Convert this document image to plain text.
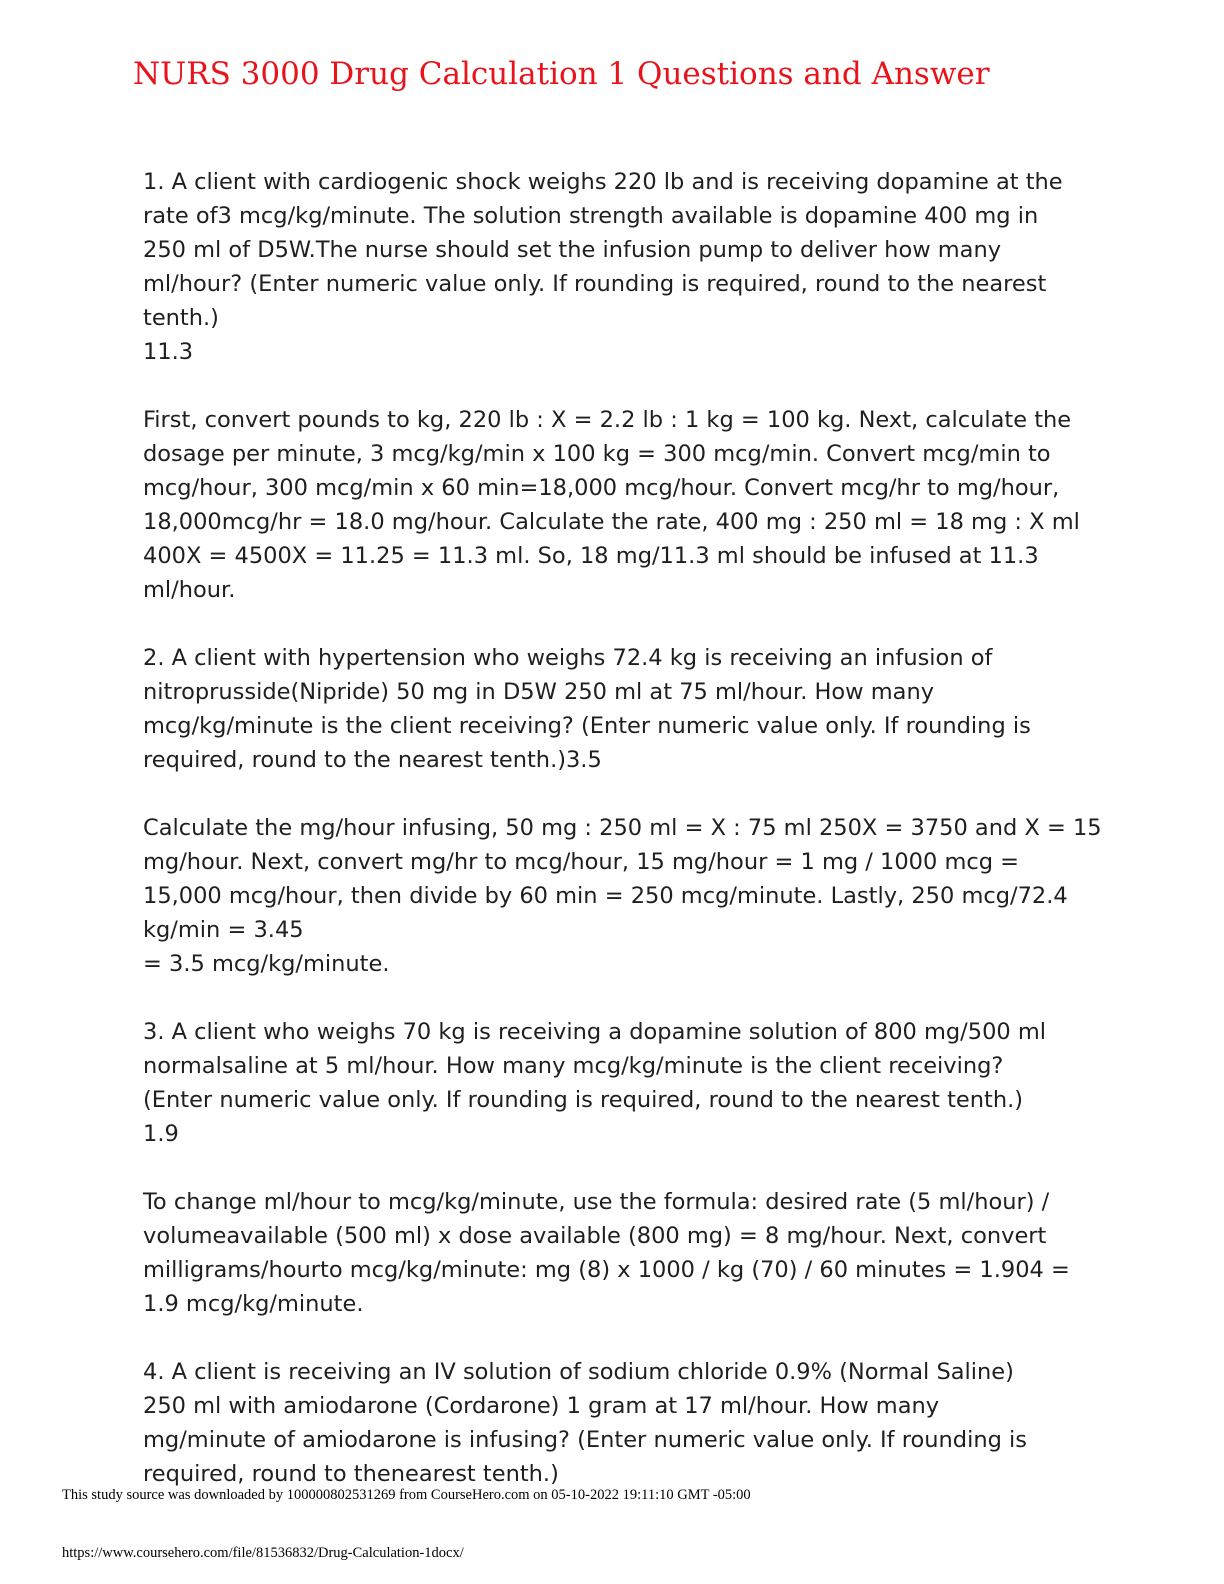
NURS 3000 Drug Calculation 1 Questions and Answer
1. A client with cardiogenic shock weighs 220 lb and is receiving dopamine at the
rate of3 mcg/kg/minute. The solution strength available is dopamine 400 mg in
250 ml of D5W.The nurse should set the infusion pump to deliver how many
ml/hour? (Enter numeric value only. If rounding is required, round to the nearest
tenth.)
11.3
First, convert pounds to kg, 220 lb : X = 2.2 lb : 1 kg = 100 kg. Next, calculate the
dosage per minute, 3 mcg/kg/min x 100 kg = 300 mcg/min. Convert mcg/min to
mcg/hour, 300 mcg/min x 60 min=18,000 mcg/hour. Convert mcg/hr to mg/hour,
18,000mcg/hr = 18.0 mg/hour. Calculate the rate, 400 mg : 250 ml = 18 mg : X ml
400X = 4500X = 11.25 = 11.3 ml. So, 18 mg/11.3 ml should be infused at 11.3
ml/hour.
2. A client with hypertension who weighs 72.4 kg is receiving an infusion of
nitroprusside(Nipride) 50 mg in D5W 250 ml at 75 ml/hour. How many
mcg/kg/minute is the client receiving? (Enter numeric value only. If rounding is
required, round to the nearest tenth.)3.5
Calculate the mg/hour infusing, 50 mg : 250 ml = X : 75 ml 250X = 3750 and X = 15
mg/hour. Next, convert mg/hr to mcg/hour, 15 mg/hour = 1 mg / 1000 mcg =
15,000 mcg/hour, then divide by 60 min = 250 mcg/minute. Lastly, 250 mcg/72.4
kg/min = 3.45
= 3.5 mcg/kg/minute.
3. A client who weighs 70 kg is receiving a dopamine solution of 800 mg/500 ml
normalsaline at 5 ml/hour. How many mcg/kg/minute is the client receiving?
(Enter numeric value only. If rounding is required, round to the nearest tenth.)
1.9
To change ml/hour to mcg/kg/minute, use the formula: desired rate (5 ml/hour) /
volumeavailable (500 ml) x dose available (800 mg) = 8 mg/hour. Next, convert
milligrams/hourto mcg/kg/minute: mg (8) x 1000 / kg (70) / 60 minutes = 1.904 =
1.9 mcg/kg/minute.
4. A client is receiving an IV solution of sodium chloride 0.9% (Normal Saline)
250 ml with amiodarone (Cordarone) 1 gram at 17 ml/hour. How many
mg/minute of amiodarone is infusing? (Enter numeric value only. If rounding is
required, round to thenearest tenth.)
This study source was downloaded by 100000802531269 from CourseHero.com on 05-10-2022 19:11:10 GMT -05:00
https://www.coursehero.com/file/81536832/Drug-Calculation-1docx/
